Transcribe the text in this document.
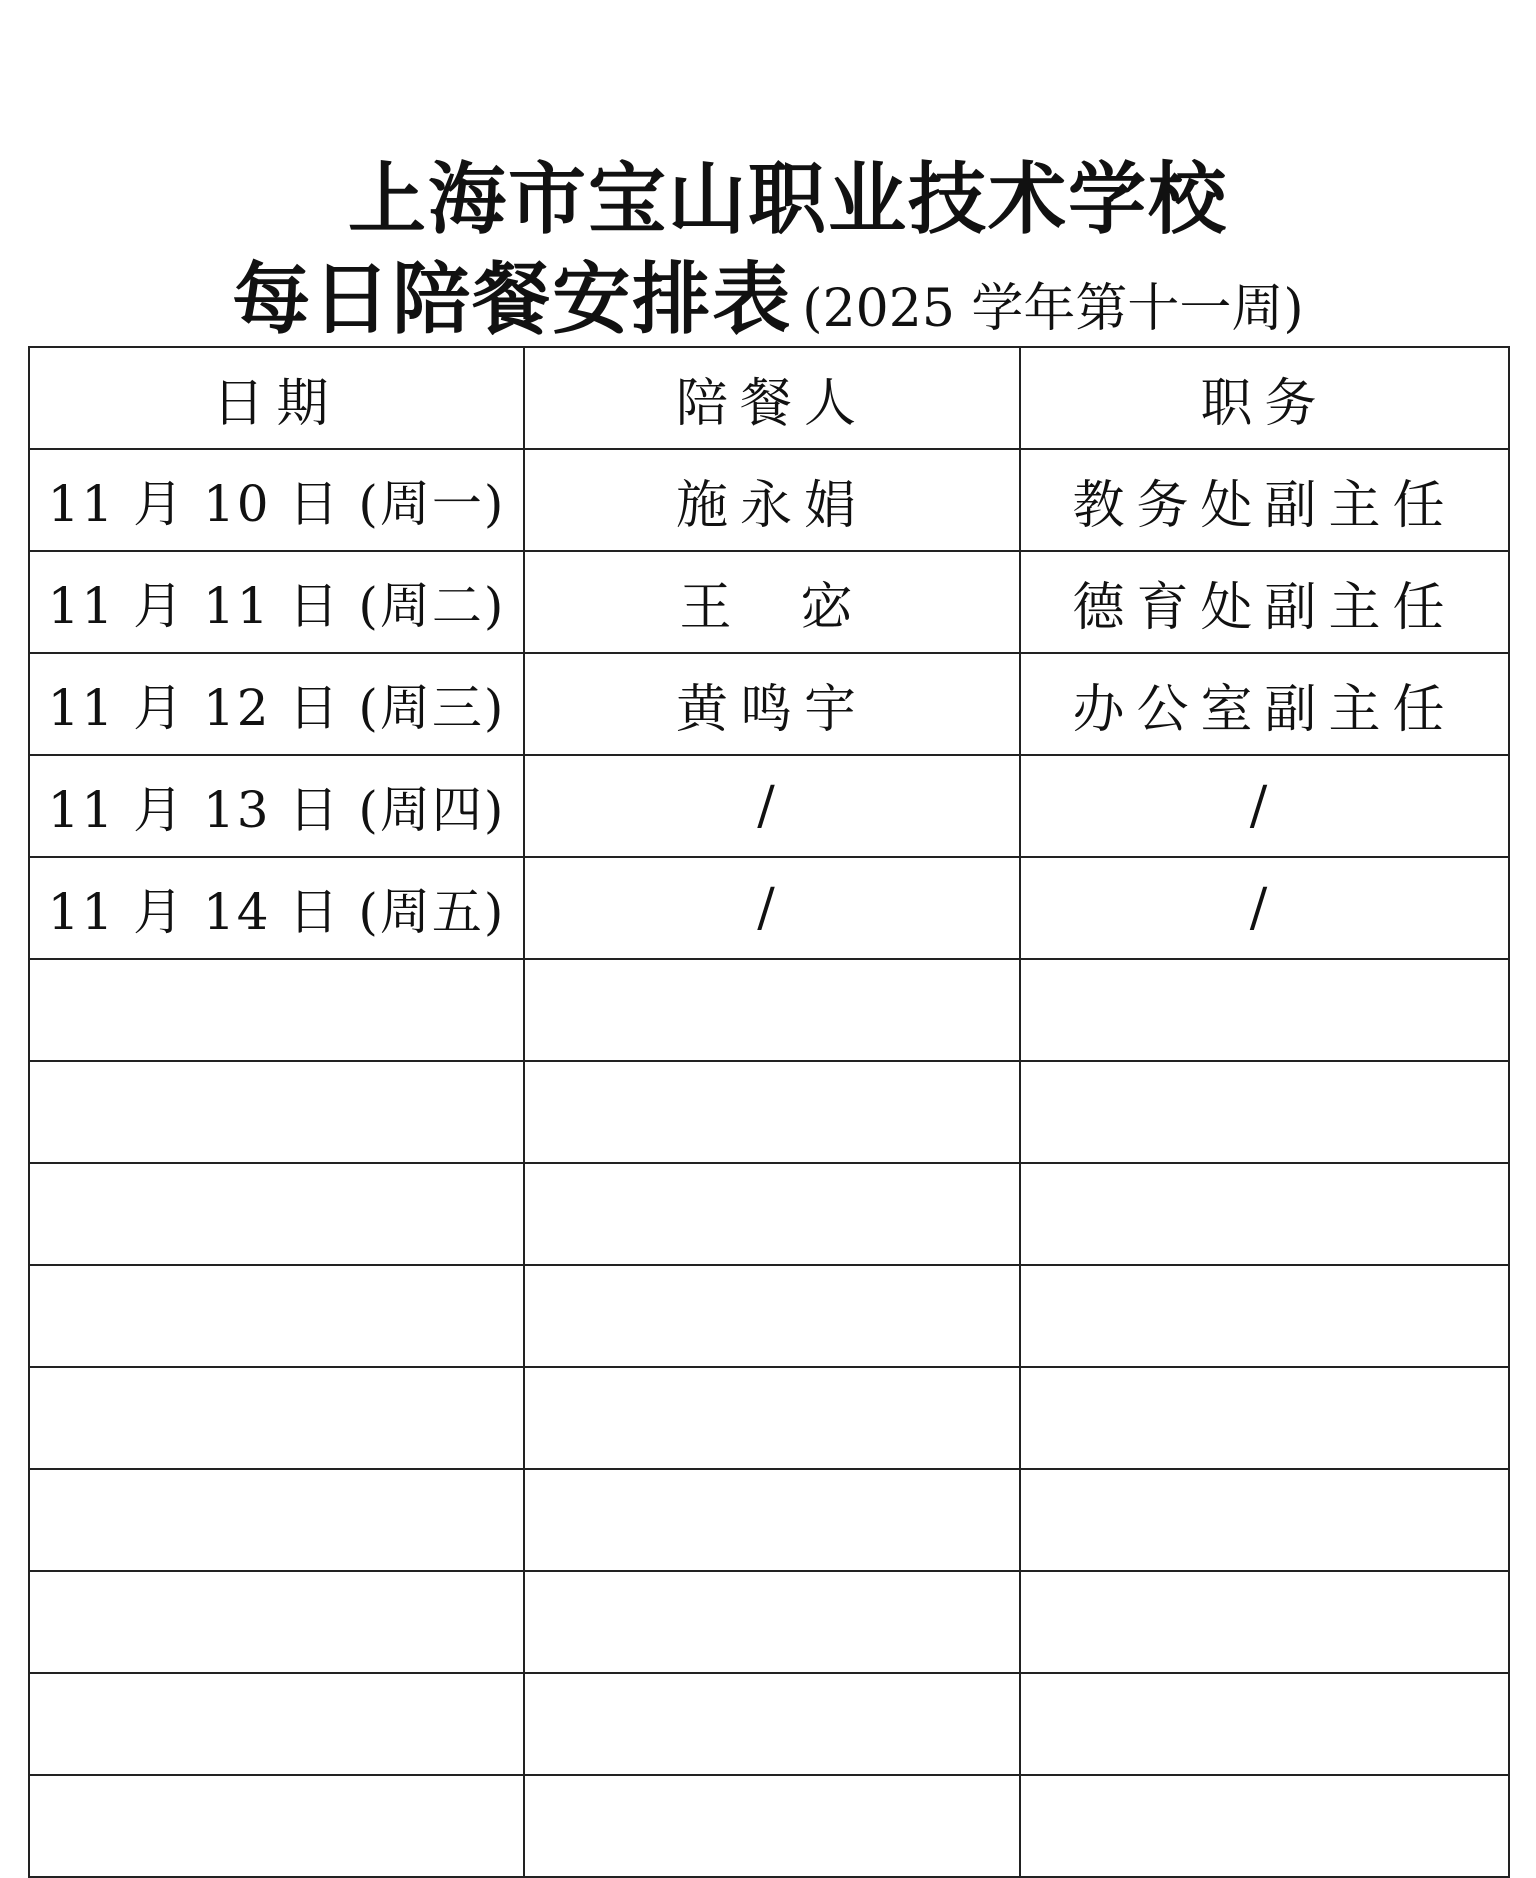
上海市宝山职业技术学校
每日陪餐安排表 (2025 学年第十一周)
日期	陪餐人	职务
11 月 10 日 (周一)	施永娟	教务处副主任
11 月 11 日 (周二)	王  宓	德育处副主任
11 月 12 日 (周三)	黄鸣宇	办公室副主任
11 月 13 日 (周四)	/	/
11 月 14 日 (周五)	/	/
